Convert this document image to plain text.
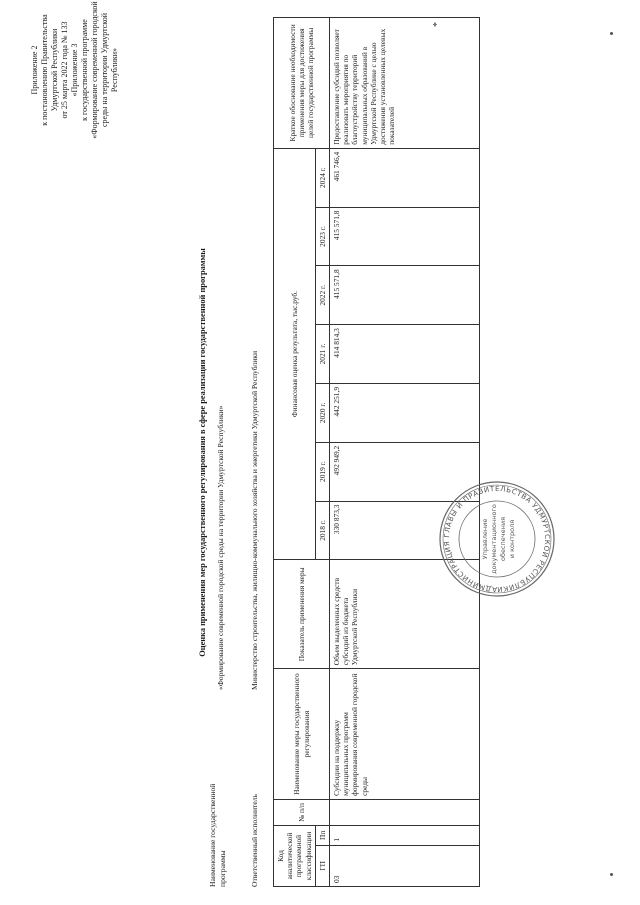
Приложение 2 к постановлению Правительства Удмуртской Республики от 25 марта 2022 года № 133 «Приложение 3 к государственной программе «Формирование современной городской среды на территории Удмуртской Республики»
Оценка применения мер государственного регулирования в сфере реализации государственной программы
Наименование государственной программы
«Формирование современной городской среды на территории Удмуртской Республики»
Ответственный исполнитель
Министерство строительства, жилищно-коммунального хозяйства и энергетики Удмуртской Республики
Код аналитической программной классификации		№ п/п	Наименование меры государственного регулирования	Показатель применения меры	Финансовая оценка результата, тыс.руб.							Краткое обоснование необходимости применения меры для достижения целей государственной программы
ГП	Пп				2018 г.	2019 г.	2020 г.	2021 г.	2022 г.	2023 г.	2024 г.	

03	1		Субсидии на поддержку муниципальных программ формирования современной городской среды	Объем выделенных средств субсидий из бюджета Удмуртской Республики	330 873,3	492 949,2	442 251,9	414 814,3	415 571,8	415 571,8	461 746,4	Предоставление субсидий позволяет реализовать мероприятия по благоустройству территорий муниципальных образований в Удмуртской Республике с целью достижения установленных целевых показателей
АДМИНИСТРАЦИЯ ГЛАВЫ И ПРАВИТЕЛЬСТВА УДМУРТСКОЙ РЕСПУБЛИКИ
Управление документационного обеспечения и контроля
*
